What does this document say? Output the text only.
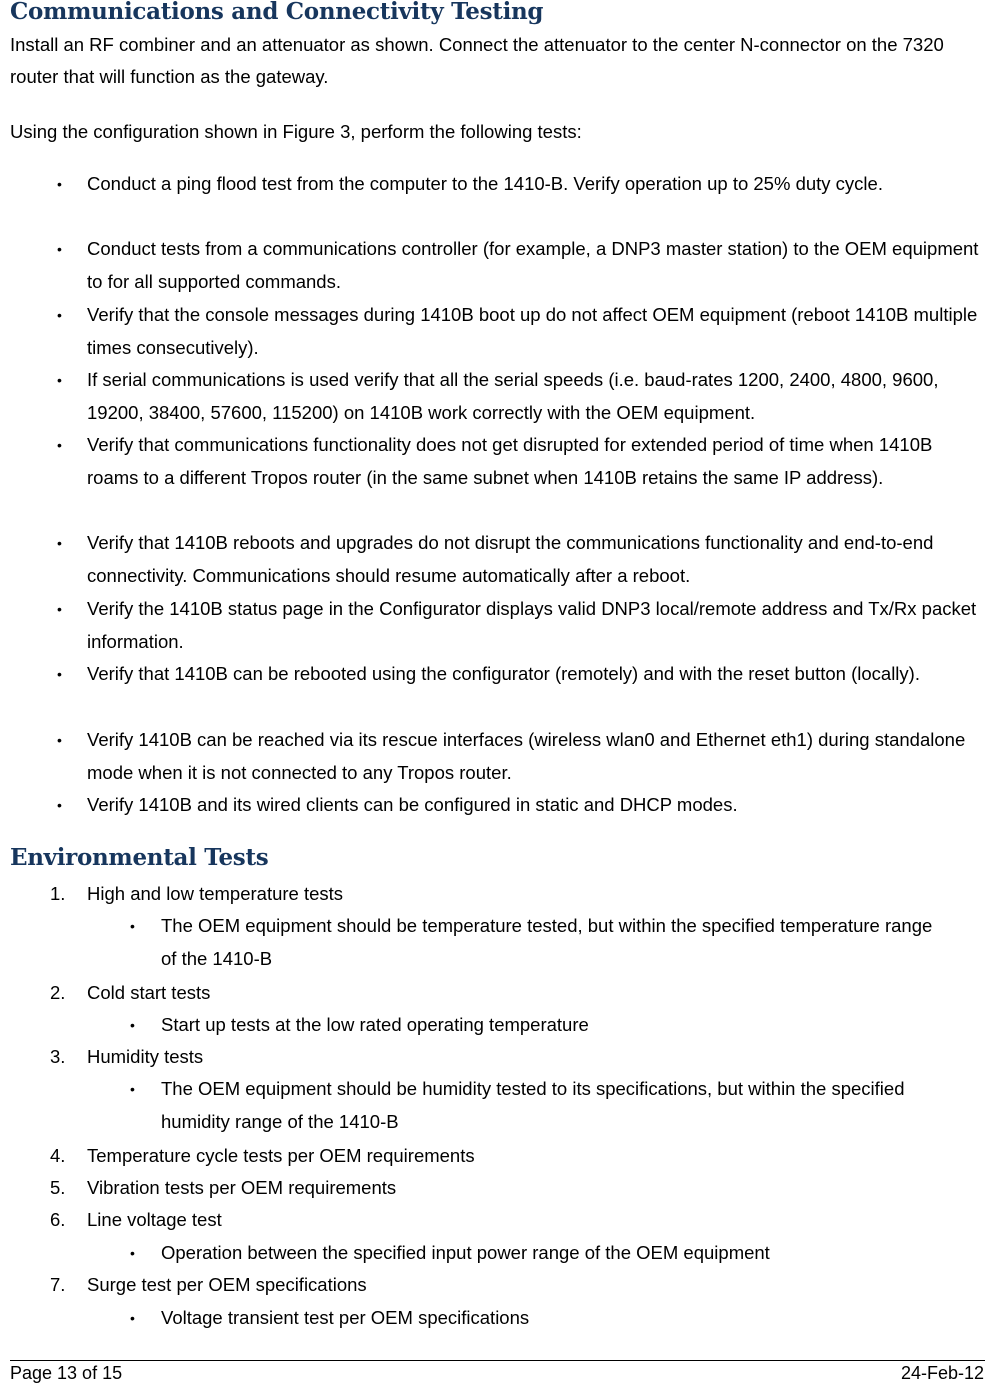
Communications and Connectivity Testing

Install an RF combiner and an attenuator as shown. Connect the attenuator to the center N-connector on the 7320 router that will function as the gateway.

Using the configuration shown in Figure 3, perform the following tests:

• Conduct a ping flood test from the computer to the 1410-B. Verify operation up to 25% duty cycle.
• Conduct tests from a communications controller (for example, a DNP3 master station) to the OEM equipment to for all supported commands.
• Verify that the console messages during 1410B boot up do not affect OEM equipment (reboot 1410B multiple times consecutively).
• If serial communications is used verify that all the serial speeds (i.e. baud-rates 1200, 2400, 4800, 9600, 19200, 38400, 57600, 115200) on 1410B work correctly with the OEM equipment.
• Verify that communications functionality does not get disrupted for extended period of time when 1410B roams to a different Tropos router (in the same subnet when 1410B retains the same IP address).
• Verify that 1410B reboots and upgrades do not disrupt the communications functionality and end-to-end connectivity. Communications should resume automatically after a reboot.
• Verify the 1410B status page in the Configurator displays valid DNP3 local/remote address and Tx/Rx packet information.
• Verify that 1410B can be rebooted using the configurator (remotely) and with the reset button (locally).
• Verify 1410B can be reached via its rescue interfaces (wireless wlan0 and Ethernet eth1) during standalone mode when it is not connected to any Tropos router.
• Verify 1410B and its wired clients can be configured in static and DHCP modes.
Environmental Tests
1. High and low temperature tests
• The OEM equipment should be temperature tested, but within the specified temperature range of the 1410-B
2. Cold start tests
• Start up tests at the low rated operating temperature
3. Humidity tests
• The OEM equipment should be humidity tested to its specifications, but within the specified humidity range of the 1410-B
4. Temperature cycle tests per OEM requirements
5. Vibration tests per OEM requirements
6. Line voltage test
• Operation between the specified input power range of the OEM equipment
7. Surge test per OEM specifications
• Voltage transient test per OEM specifications
Page 13 of 15	24-Feb-12
